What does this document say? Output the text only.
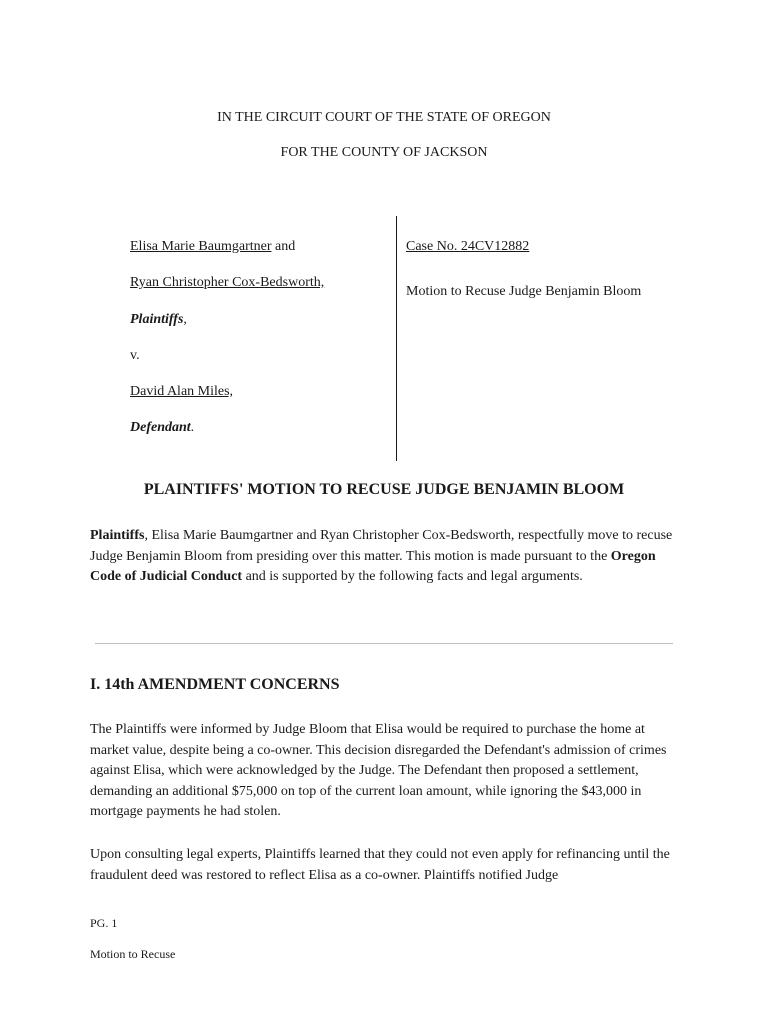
IN THE CIRCUIT COURT OF THE STATE OF OREGON
FOR THE COUNTY OF JACKSON
Elisa Marie Baumgartner and
Ryan Christopher Cox-Bedsworth,
Plaintiffs,
v.
David Alan Miles,
Defendant.
Case No. 24CV12882
Motion to Recuse Judge Benjamin Bloom
PLAINTIFFS' MOTION TO RECUSE JUDGE BENJAMIN BLOOM
Plaintiffs, Elisa Marie Baumgartner and Ryan Christopher Cox-Bedsworth, respectfully move to recuse Judge Benjamin Bloom from presiding over this matter. This motion is made pursuant to the Oregon Code of Judicial Conduct and is supported by the following facts and legal arguments.
I. 14th AMENDMENT CONCERNS
The Plaintiffs were informed by Judge Bloom that Elisa would be required to purchase the home at market value, despite being a co-owner. This decision disregarded the Defendant's admission of crimes against Elisa, which were acknowledged by the Judge. The Defendant then proposed a settlement, demanding an additional $75,000 on top of the current loan amount, while ignoring the $43,000 in mortgage payments he had stolen.
Upon consulting legal experts, Plaintiffs learned that they could not even apply for refinancing until the fraudulent deed was restored to reflect Elisa as a co-owner. Plaintiffs notified Judge
PG. 1
Motion to Recuse
